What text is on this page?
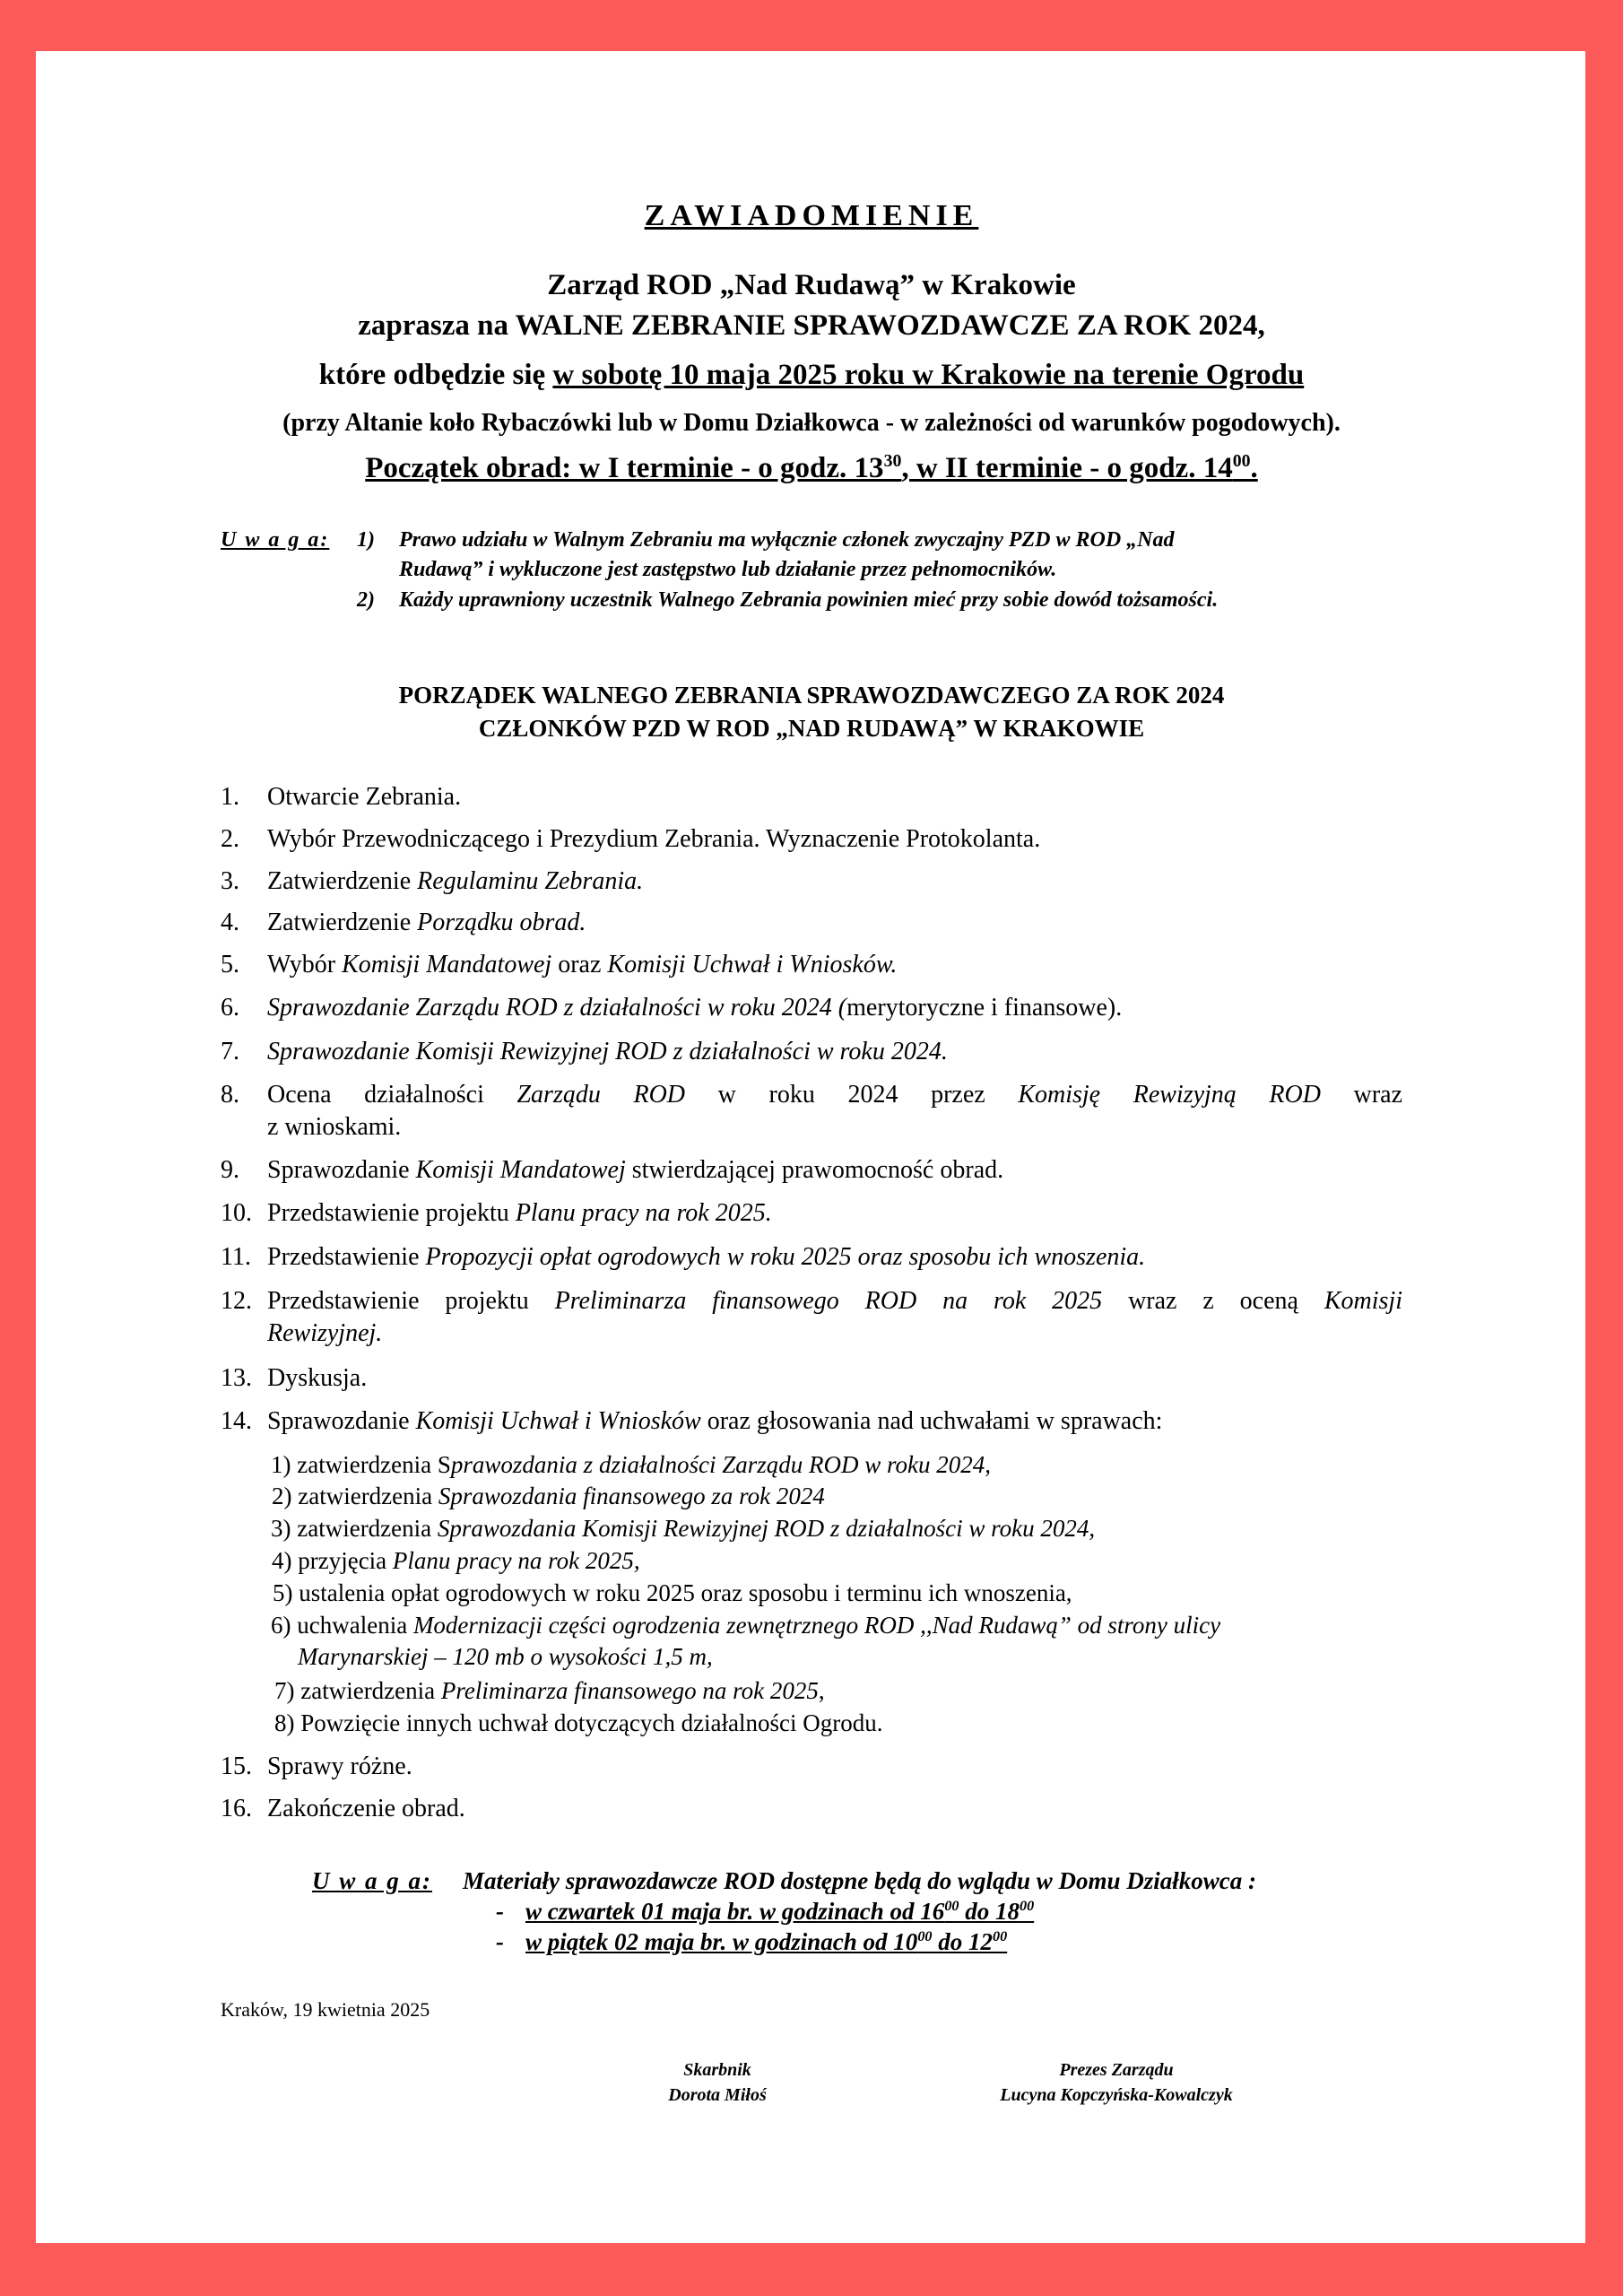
ZAWIADOMIENIE
Zarząd ROD „Nad Rudawą” w Krakowie
zaprasza na WALNE ZEBRANIE SPRAWOZDAWCZE ZA ROK 2024,
które odbędzie się w sobotę 10 maja 2025 roku w Krakowie na terenie Ogrodu
(przy Altanie koło Rybaczówki lub w Domu Działkowca - w zależności od warunków pogodowych).
Początek obrad: w I terminie - o godz. $13^{30}$, w II terminie - o godz. $14^{00}$.
U w a g a: 1) Prawo udziału w Walnym Zebraniu ma wyłącznie członek zwyczajny PZD w ROD „Nad
Rudawą” i wykluczone jest zastępstwo lub działanie przez pełnomocników.
2) Każdy uprawniony uczestnik Walnego Zebrania powinien mieć przy sobie dowód tożsamości.
PORZĄDEK WALNEGO ZEBRANIA SPRAWOZDAWCZEGO ZA ROK 2024
CZŁONKÓW PZD W ROD „NAD RUDAWĄ” W KRAKOWIE
1. Otwarcie Zebrania.
2. Wybór Przewodniczącego i Prezydium Zebrania. Wyznaczenie Protokolanta.
3. Zatwierdzenie Regulaminu Zebrania.
4. Zatwierdzenie Porządku obrad.
5. Wybór Komisji Mandatowej oraz Komisji Uchwał i Wniosków.
6. Sprawozdanie Zarządu ROD z działalności w roku 2024 (merytoryczne i finansowe).
7. Sprawozdanie Komisji Rewizyjnej ROD z działalności w roku 2024.
8. Ocena działalności Zarządu ROD w roku 2024 przez Komisję Rewizyjną ROD wraz
z wnioskami.
9. Sprawozdanie Komisji Mandatowej stwierdzającej prawomocność obrad.
10. Przedstawienie projektu Planu pracy na rok 2025.
11. Przedstawienie Propozycji opłat ogrodowych w roku 2025 oraz sposobu ich wnoszenia.
12. Przedstawienie projektu Preliminarza finansowego ROD na rok 2025 wraz z oceną Komisji
Rewizyjnej.
13. Dyskusja.
14. Sprawozdanie Komisji Uchwał i Wniosków oraz głosowania nad uchwałami w sprawach:
1) zatwierdzenia Sprawozdania z działalności Zarządu ROD w roku 2024,
2) zatwierdzenia Sprawozdania finansowego za rok 2024
3) zatwierdzenia Sprawozdania Komisji Rewizyjnej ROD z działalności w roku 2024,
4) przyjęcia Planu pracy na rok 2025,
5) ustalenia opłat ogrodowych w roku 2025 oraz sposobu i terminu ich wnoszenia,
6) uchwalenia Modernizacji części ogrodzenia zewnętrznego ROD ,,Nad Rudawą” od strony ulicy
Marynarskiej – 120 mb o wysokości 1,5 m,
7) zatwierdzenia Preliminarza finansowego na rok 2025,
8) Powzięcie innych uchwał dotyczących działalności Ogrodu.
15. Sprawy różne.
16. Zakończenie obrad.
U w a g a: Materiały sprawozdawcze ROD dostępne będą do wglądu w Domu Działkowca :
- w czwartek 01 maja br. w godzinach od $16^{00}$ do $18^{00}$
- w piątek 02 maja br. w godzinach od $10^{00}$ do $12^{00}$
Kraków, 19 kwietnia 2025
Skarbnik
Dorota Miłoś
Prezes Zarządu
Lucyna Kopczyńska-Kowalczyk
